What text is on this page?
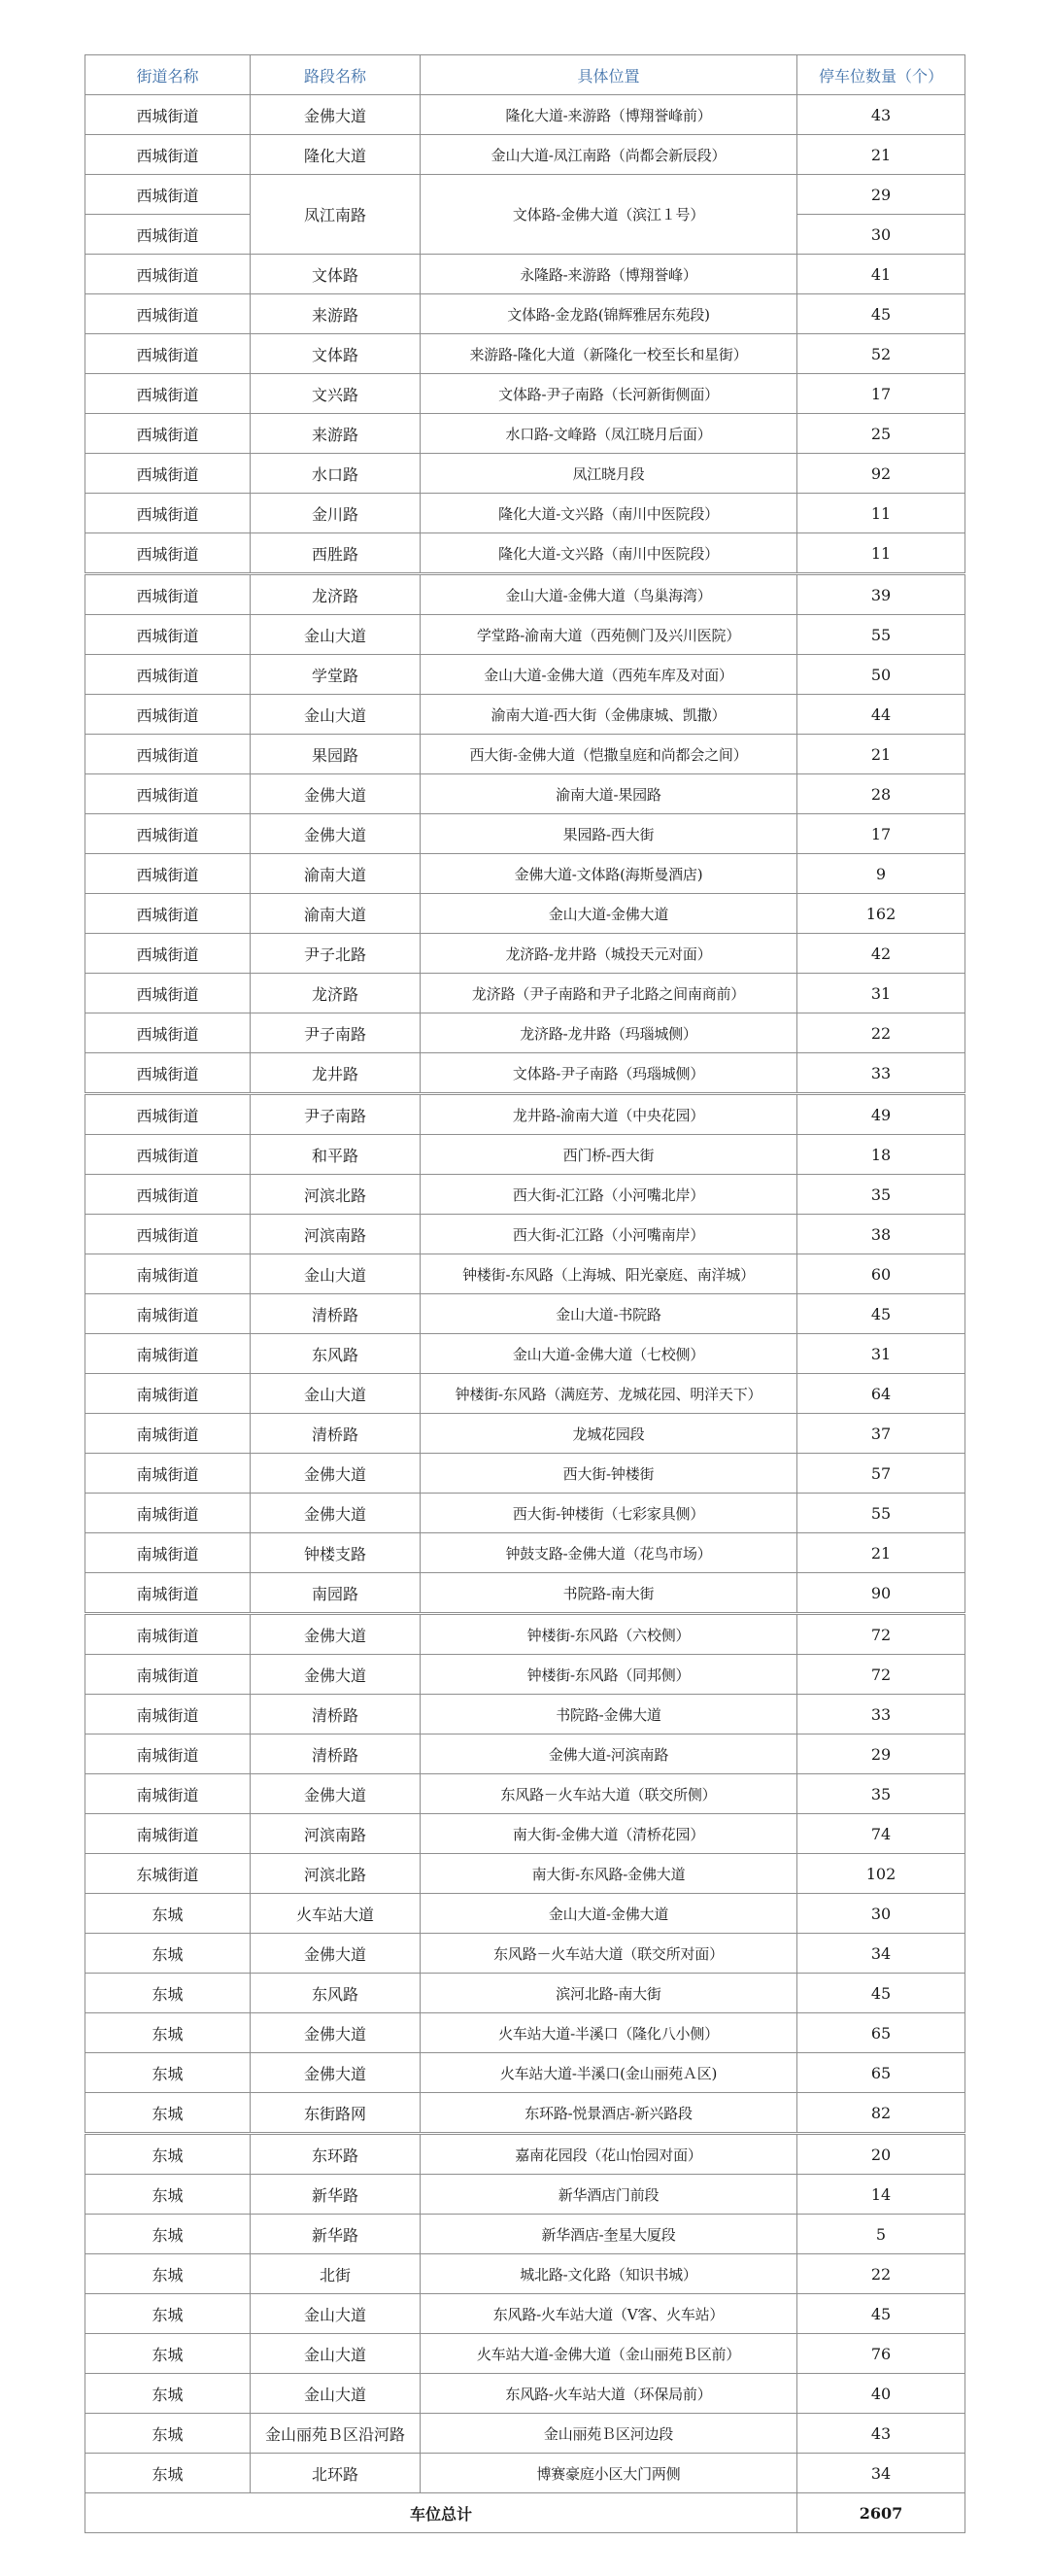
街道名称	路段名称	具体位置	停车位数量（个）
西城街道	金佛大道	隆化大道-来游路（博翔誉峰前）	43
西城街道	隆化大道	金山大道-凤江南路（尚都会新辰段）	21
西城街道	凤江南路	文体路-金佛大道（滨江１号）	29
西城街道			30
西城街道	文体路	永隆路-来游路（博翔誉峰）	41
西城街道	来游路	文体路-金龙路(锦辉雅居东苑段)	45
西城街道	文体路	来游路-隆化大道（新隆化一校至长和星街）	52
西城街道	文兴路	文体路-尹子南路（长河新街侧面）	17
西城街道	来游路	水口路-文峰路（凤江晓月后面）	25
西城街道	水口路	凤江晓月段	92
西城街道	金川路	隆化大道-文兴路（南川中医院段）	11
西城街道	西胜路	隆化大道-文兴路（南川中医院段）	11
西城街道	龙济路	金山大道-金佛大道（鸟巢海湾）	39
西城街道	金山大道	学堂路-渝南大道（西苑侧门及兴川医院）	55
西城街道	学堂路	金山大道-金佛大道（西苑车库及对面）	50
西城街道	金山大道	渝南大道-西大街（金佛康城、凯撒）	44
西城街道	果园路	西大街-金佛大道（恺撒皇庭和尚都会之间）	21
西城街道	金佛大道	渝南大道-果园路	28
西城街道	金佛大道	果园路-西大街	17
西城街道	渝南大道	金佛大道-文体路(海斯曼酒店)	9
西城街道	渝南大道	金山大道-金佛大道	162
西城街道	尹子北路	龙济路-龙井路（城投天元对面）	42
西城街道	龙济路	龙济路（尹子南路和尹子北路之间南商前）	31
西城街道	尹子南路	龙济路-龙井路（玛瑙城侧）	22
西城街道	龙井路	文体路-尹子南路（玛瑙城侧）	33
西城街道	尹子南路	龙井路-渝南大道（中央花园）	49
西城街道	和平路	西门桥-西大街	18
西城街道	河滨北路	西大街-汇江路（小河嘴北岸）	35
西城街道	河滨南路	西大街-汇江路（小河嘴南岸）	38
南城街道	金山大道	钟楼街-东风路（上海城、阳光豪庭、南洋城）	60
南城街道	清桥路	金山大道-书院路	45
南城街道	东风路	金山大道-金佛大道（七校侧）	31
南城街道	金山大道	钟楼街-东风路（满庭芳、龙城花园、明洋天下）	64
南城街道	清桥路	龙城花园段	37
南城街道	金佛大道	西大街-钟楼街	57
南城街道	金佛大道	西大街-钟楼街（七彩家具侧）	55
南城街道	钟楼支路	钟鼓支路-金佛大道（花鸟市场）	21
南城街道	南园路	书院路-南大街	90
南城街道	金佛大道	钟楼街-东风路（六校侧）	72
南城街道	金佛大道	钟楼街-东风路（同邦侧）	72
南城街道	清桥路	书院路-金佛大道	33
南城街道	清桥路	金佛大道-河滨南路	29
南城街道	金佛大道	东风路－火车站大道（联交所侧）	35
南城街道	河滨南路	南大街-金佛大道（清桥花园）	74
东城街道	河滨北路	南大街-东风路-金佛大道	102
东城	火车站大道	金山大道-金佛大道	30
东城	金佛大道	东风路－火车站大道（联交所对面）	34
东城	东风路	滨河北路-南大街	45
东城	金佛大道	火车站大道-半溪口（隆化八小侧）	65
东城	金佛大道	火车站大道-半溪口(金山丽苑Ａ区)	65
东城	东街路网	东环路-悦景酒店-新兴路段	82
东城	东环路	嘉南花园段（花山怡园对面）	20
东城	新华路	新华酒店门前段	14
东城	新华路	新华酒店-奎星大厦段	5
东城	北街	城北路-文化路（知识书城）	22
东城	金山大道	东风路-火车站大道（V客、火车站）	45
东城	金山大道	火车站大道-金佛大道（金山丽苑Ｂ区前）	76
东城	金山大道	东风路-火车站大道（环保局前）	40
东城	金山丽苑Ｂ区沿河路	金山丽苑Ｂ区河边段	43
东城	北环路	博赛豪庭小区大门两侧	34
车位总计			2607
